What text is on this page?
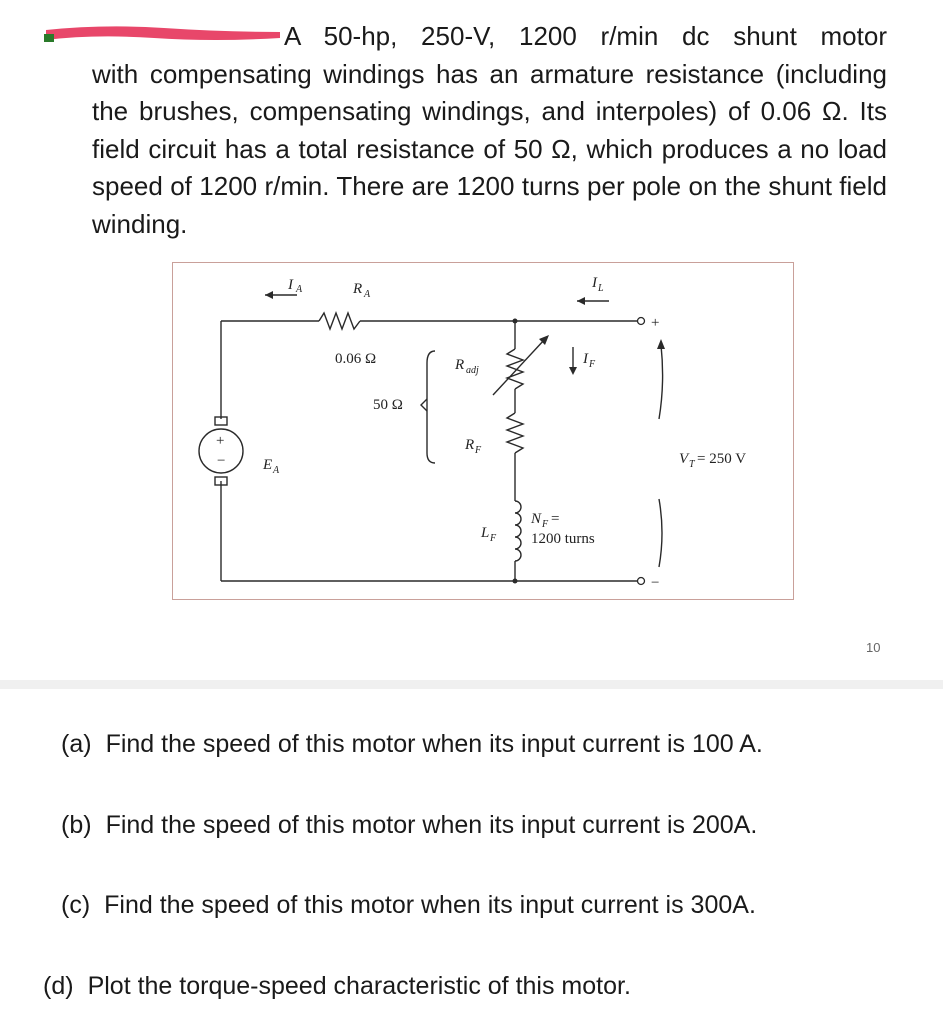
A 50-hp, 250-V, 1200 r/min dc shunt motor
with compensating windings has an armature resistance (including the brushes, compensating windings, and interpoles) of 0.06 Ω. Its field circuit has a total resistance of 50 Ω, which produces a no load speed of 1200 r/min. There are 1200 turns per pole on the shunt field winding.

I A	R A
0.06 Ω
I L
I F
R adj
50 Ω
R F
L F
E A
N F =
1200 turns
V T = 250 V
+
−
+
−
10

(a) Find the speed of this motor when its input current is 100 A.

(b) Find the speed of this motor when its input current is 200A.

(c) Find the speed of this motor when its input current is 300A.

(d) Plot the torque-speed characteristic of this motor.
